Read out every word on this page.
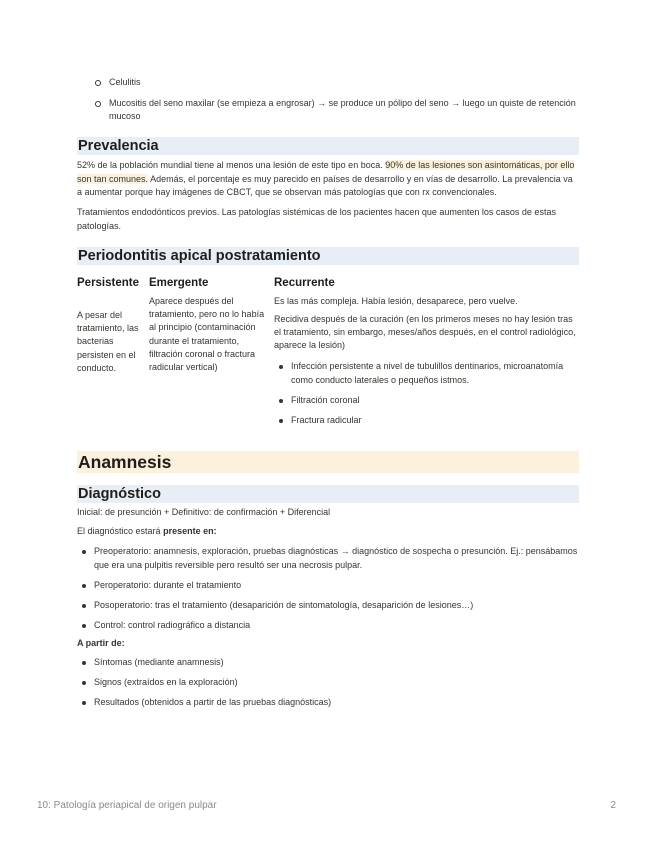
Celulitis
Mucositis del seno maxilar (se empieza a engrosar) → se produce un pólipo del seno → luego un quiste de retención mucoso
Prevalencia

52% de la población mundial tiene al menos una lesión de este tipo en boca. 90% de las lesiones son asintomáticas, por ello son tan comunes. Además, el porcentaje es muy parecido en países de desarrollo y en vías de desarrollo. La prevalencia va a aumentar porque hay imágenes de CBCT, que se observan más patologías que con rx convencionales.

Tratamientos endodónticos previos. Las patologías sistémicas de los pacientes hacen que aumenten los casos de estas patologías.

Periodontitis apical postratamiento
Persistente

A pesar del tratamiento, las bacterias persisten en el conducto.

Emergente

Aparece después del tratamiento, pero no lo había al principio (contaminación durante el tratamiento, filtración coronal o fractura radicular vertical)

Recurrente

Es las más compleja. Había lesión, desaparece, pero vuelve.

Recidiva después de la curación (en los primeros meses no hay lesión tras el tratamiento, sin embargo, meses/años después, en el control radiológico, aparece la lesión)

Infección persistente a nivel de tubulillos dentinarios, microanatomía como conducto laterales o pequeños istmos.
Filtración coronal
Fractura radicular
Anamnesis
Diagnóstico

Inicial: de presunción + Definitivo: de confirmación + Diferencial

El diagnóstico estará presente en:

Preoperatorio: anamnesis, exploración, pruebas diagnósticas → diagnóstico de sospecha o presunción. Ej.: pensábamos que era una pulpitis reversible pero resultó ser una necrosis pulpar.
Peroperatorio: durante el tratamiento
Posoperatorio: tras el tratamiento (desaparición de sintomatología, desaparición de lesiones…)
Control: control radiográfico a distancia

A partir de:

Síntomas (mediante anamnesis)
Signos (extraídos en la exploración)
Resultados (obtenidos a partir de las pruebas diagnósticas)
10: Patología periapical de origen pulpar	2
